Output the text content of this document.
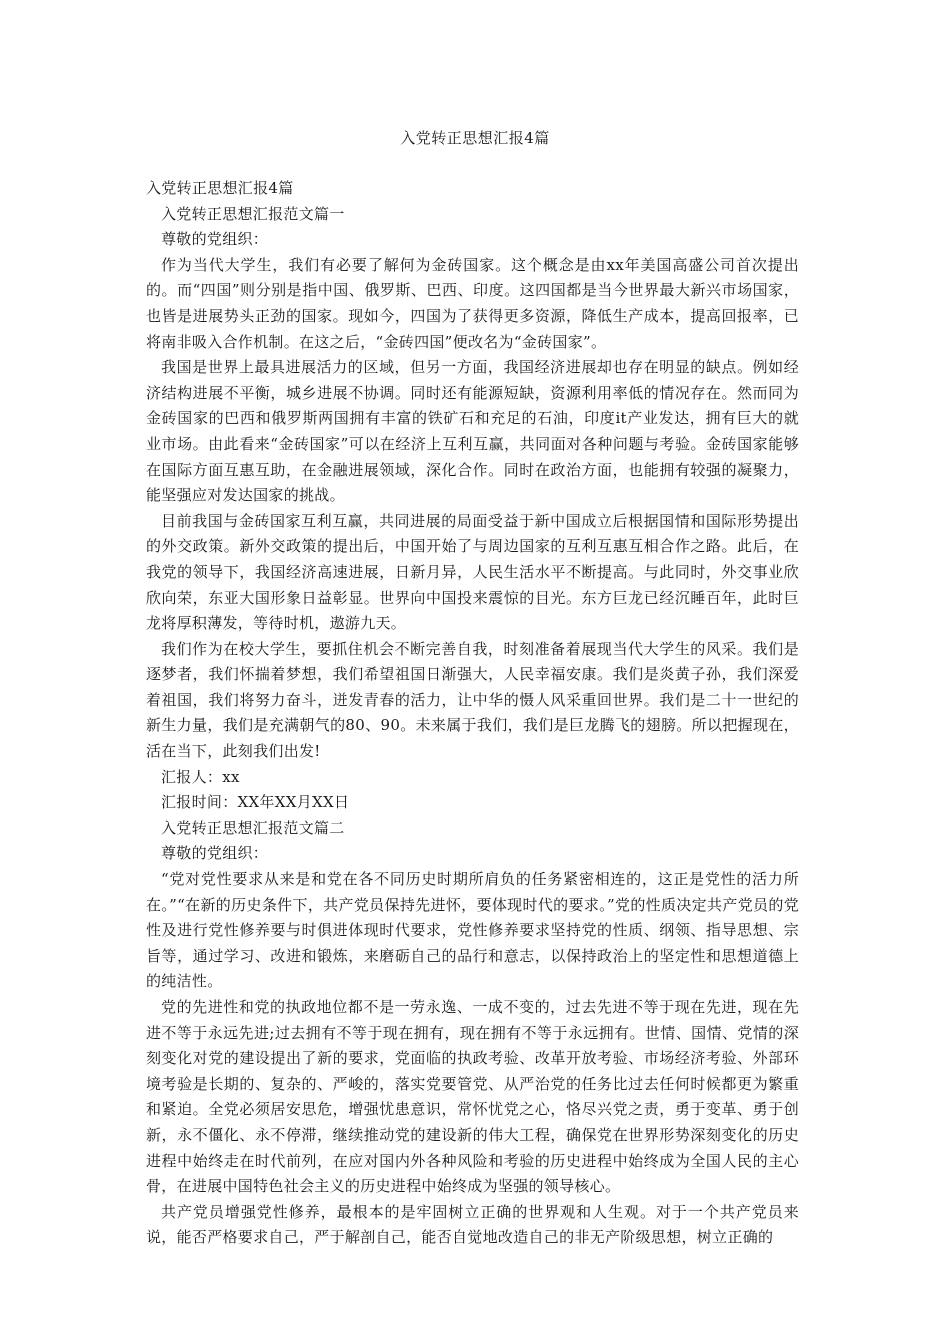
入党转正思想汇报4篇

入党转正思想汇报4篇

入党转正思想汇报范文篇一

尊敬的党组织：

作为当代大学生，我们有必要了解何为金砖国家。这个概念是由xx年美国高盛公司首次提出的。而“四国”则分别是指中国、俄罗斯、巴西、印度。这四国都是当今世界最大新兴市场国家，也皆是进展势头正劲的国家。现如今，四国为了获得更多资源，降低生产成本，提高回报率，已将南非吸入合作机制。在这之后，“金砖四国”便改名为“金砖国家”。

我国是世界上最具进展活力的区域，但另一方面，我国经济进展却也存在明显的缺点。例如经济结构进展不平衡，城乡进展不协调。同时还有能源短缺，资源利用率低的情况存在。然而同为金砖国家的巴西和俄罗斯两国拥有丰富的铁矿石和充足的石油，印度it产业发达，拥有巨大的就业市场。由此看来“金砖国家”可以在经济上互利互赢，共同面对各种问题与考验。金砖国家能够在国际方面互惠互助，在金融进展领域，深化合作。同时在政治方面，也能拥有较强的凝聚力，能坚强应对发达国家的挑战。

目前我国与金砖国家互利互赢，共同进展的局面受益于新中国成立后根据国情和国际形势提出的外交政策。新外交政策的提出后，中国开始了与周边国家的互利互惠互相合作之路。此后，在我党的领导下，我国经济高速进展，日新月异，人民生活水平不断提高。与此同时，外交事业欣欣向荣，东亚大国形象日益彰显。世界向中国投来震惊的目光。东方巨龙已经沉睡百年，此时巨龙将厚积薄发，等待时机，遨游九天。

我们作为在校大学生，要抓住机会不断完善自我，时刻准备着展现当代大学生的风采。我们是逐梦者，我们怀揣着梦想，我们希望祖国日渐强大，人民幸福安康。我们是炎黄子孙，我们深爱着祖国，我们将努力奋斗，迸发青春的活力，让中华的慑人风采重回世界。我们是二十一世纪的新生力量，我们是充满朝气的80、90。未来属于我们，我们是巨龙腾飞的翅膀。所以把握现在，活在当下，此刻我们出发!

汇报人：xx

汇报时间：XX年XX月XX日

入党转正思想汇报范文篇二

尊敬的党组织：

“党对党性要求从来是和党在各不同历史时期所肩负的任务紧密相连的，这正是党性的活力所在。”“在新的历史条件下，共产党员保持先进怀，要体现时代的要求。”党的性质决定共产党员的党性及进行党性修养要与时俱进体现时代要求，党性修养要求坚持党的性质、纲领、指导思想、宗旨等，通过学习、改进和锻炼，来磨砺自己的品行和意志，以保持政治上的坚定性和思想道德上的纯洁性。

党的先进性和党的执政地位都不是一劳永逸、一成不变的，过去先进不等于现在先进，现在先进不等于永远先进;过去拥有不等于现在拥有，现在拥有不等于永远拥有。世情、国情、党情的深刻变化对党的建设提出了新的要求，党面临的执政考验、改革开放考验、市场经济考验、外部环境考验是长期的、复杂的、严峻的，落实党要管党、从严治党的任务比过去任何时候都更为繁重和紧迫。全党必须居安思危，增强忧患意识，常怀忧党之心，恪尽兴党之责，勇于变革、勇于创新，永不僵化、永不停滞，继续推动党的建设新的伟大工程，确保党在世界形势深刻变化的历史进程中始终走在时代前列，在应对国内外各种风险和考验的历史进程中始终成为全国人民的主心骨，在进展中国特色社会主义的历史进程中始终成为坚强的领导核心。

共产党员增强党性修养，最根本的是牢固树立正确的世界观和人生观。对于一个共产党员来说，能否严格要求自己，严于解剖自己，能否自觉地改造自己的非无产阶级思想，树立正确的
